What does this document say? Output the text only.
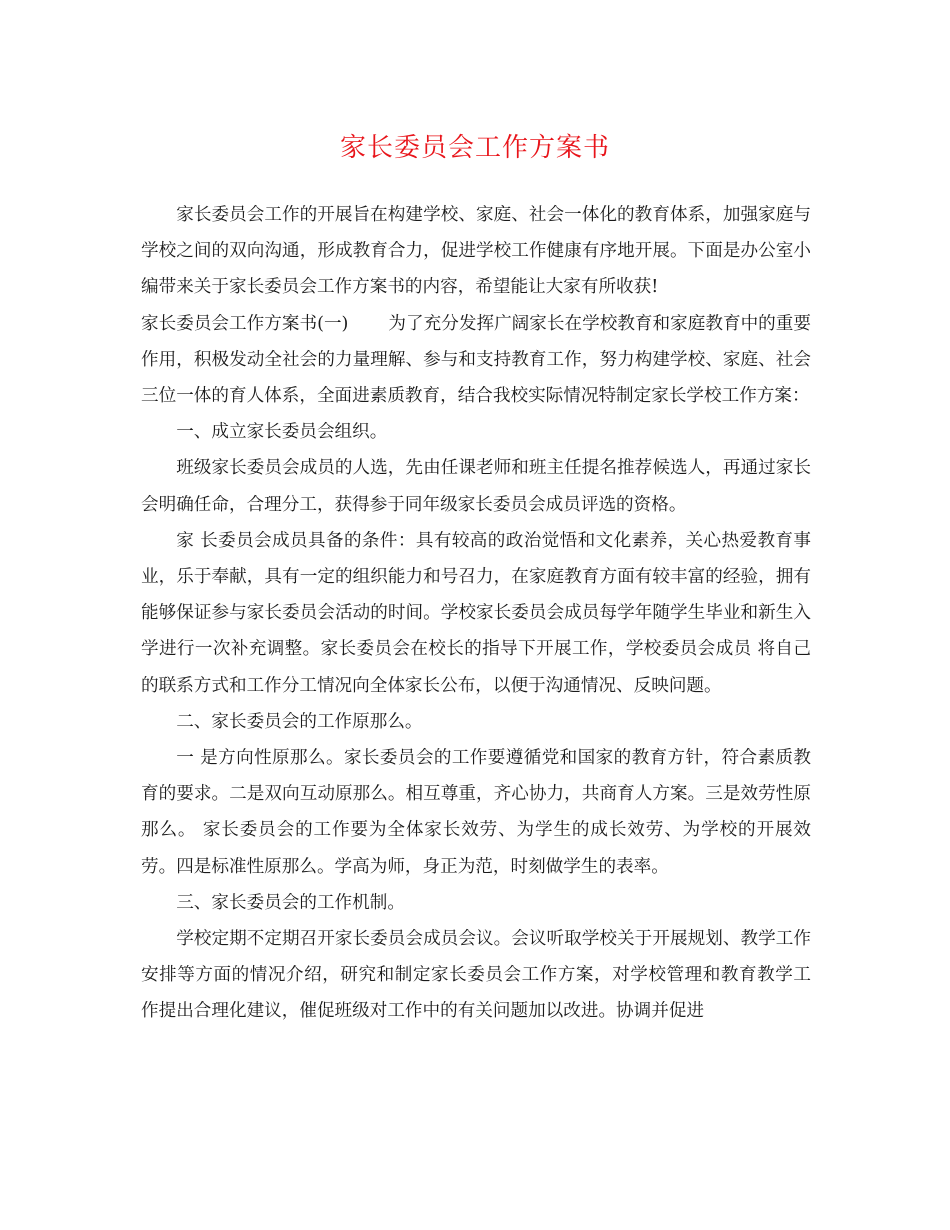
家长委员会工作方案书

家长委员会工作的开展旨在构建学校、家庭、社会一体化的教育体系，加强家庭与学校之间的双向沟通，形成教育合力，促进学校工作健康有序地开展。下面是办公室小编带来关于家长委员会工作方案书的内容，希望能让大家有所收获!

家长委员会工作方案书(一) 为了充分发挥广阔家长在学校教育和家庭教育中的重要作用，积极发动全社会的力量理解、参与和支持教育工作，努力构建学校、家庭、社会三位一体的育人体系，全面进素质教育，结合我校实际情况特制定家长学校工作方案：

一、成立家长委员会组织。

班级家长委员会成员的人选，先由任课老师和班主任提名推荐候选人，再通过家长会明确任命，合理分工，获得参于同年级家长委员会成员评选的资格。

家 长委员会成员具备的条件：具有较高的政治觉悟和文化素养，关心热爱教育事业，乐于奉献，具有一定的组织能力和号召力，在家庭教育方面有较丰富的经验，拥有 能够保证参与家长委员会活动的时间。学校家长委员会成员每学年随学生毕业和新生入学进行一次补充调整。家长委员会在校长的指导下开展工作，学校委员会成员 将自己的联系方式和工作分工情况向全体家长公布，以便于沟通情况、反映问题。

二、家长委员会的工作原那么。

一 是方向性原那么。家长委员会的工作要遵循党和国家的教育方针，符合素质教育的要求。二是双向互动原那么。相互尊重，齐心协力，共商育人方案。三是效劳性原那么。 家长委员会的工作要为全体家长效劳、为学生的成长效劳、为学校的开展效劳。四是标准性原那么。学高为师，身正为范，时刻做学生的表率。

三、家长委员会的工作机制。

学校定期不定期召开家长委员会成员会议。会议听取学校关于开展规划、教学工作安排等方面的情况介绍，研究和制定家长委员会工作方案，对学校管理和教育教学工 作提出合理化建议，催促班级对工作中的有关问题加以改进。协调并促进
